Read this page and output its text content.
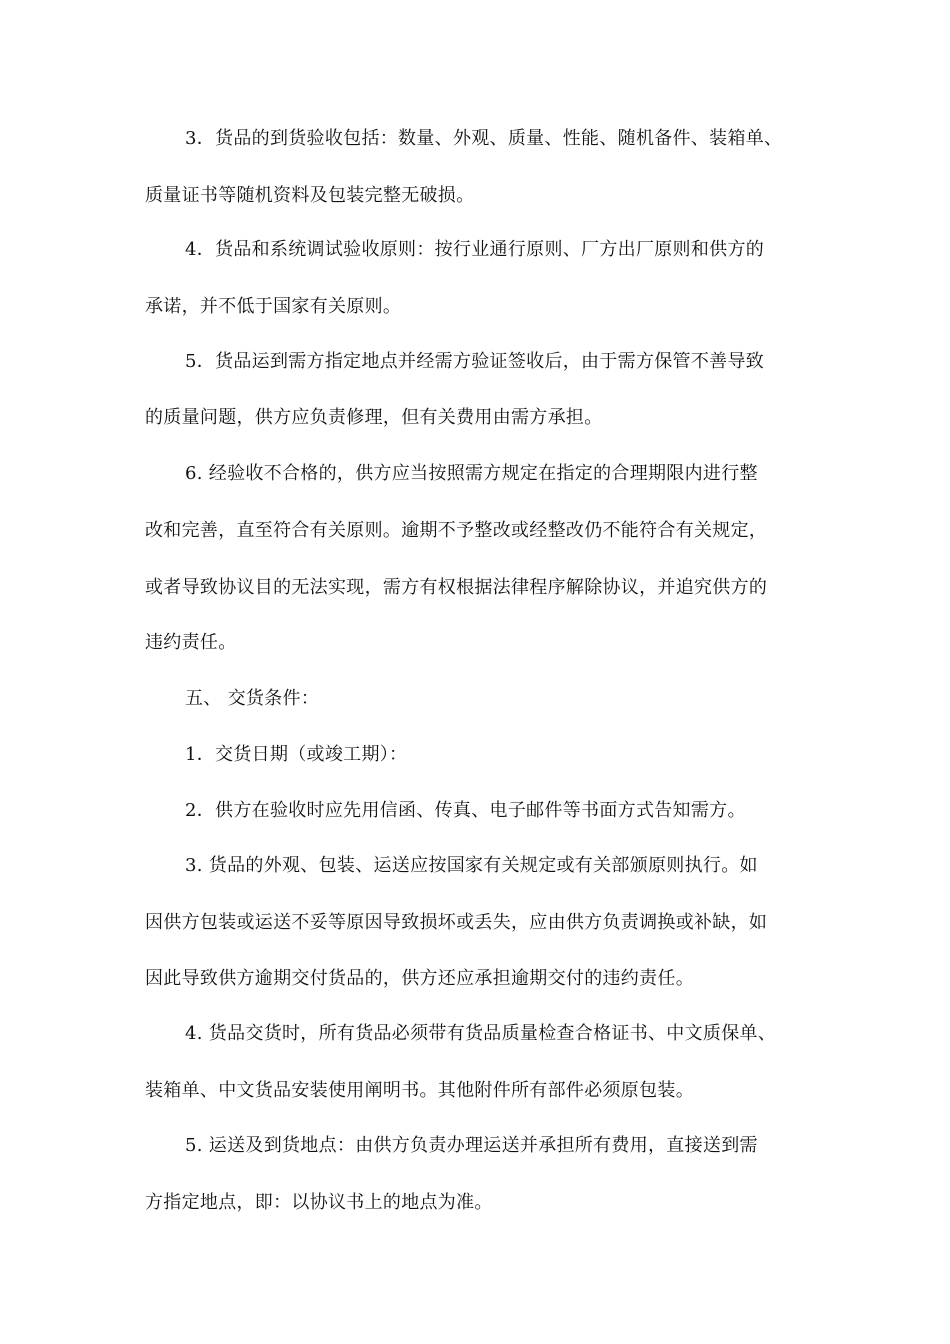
3．货品的到货验收包括：数量、外观、质量、性能、随机备件、装箱单、
质量证书等随机资料及包装完整无破损。
4．货品和系统调试验收原则：按行业通行原则、厂方出厂原则和供方的
承诺，并不低于国家有关原则。
5．货品运到需方指定地点并经需方验证签收后，由于需方保管不善导致
的质量问题，供方应负责修理，但有关费用由需方承担。
6. 经验收不合格的，供方应当按照需方规定在指定的合理期限内进行整
改和完善，直至符合有关原则。逾期不予整改或经整改仍不能符合有关规定，
或者导致协议目的无法实现，需方有权根据法律程序解除协议，并追究供方的
违约责任。
五、 交货条件：
1．交货日期（或竣工期）：
2．供方在验收时应先用信函、传真、电子邮件等书面方式告知需方。
3. 货品的外观、包装、运送应按国家有关规定或有关部颁原则执行。如
因供方包装或运送不妥等原因导致损坏或丢失，应由供方负责调换或补缺，如
因此导致供方逾期交付货品的，供方还应承担逾期交付的违约责任。
4. 货品交货时，所有货品必须带有货品质量检查合格证书、中文质保单、
装箱单、中文货品安装使用阐明书。其他附件所有部件必须原包装。
5. 运送及到货地点：由供方负责办理运送并承担所有费用，直接送到需
方指定地点，即：以协议书上的地点为准。
